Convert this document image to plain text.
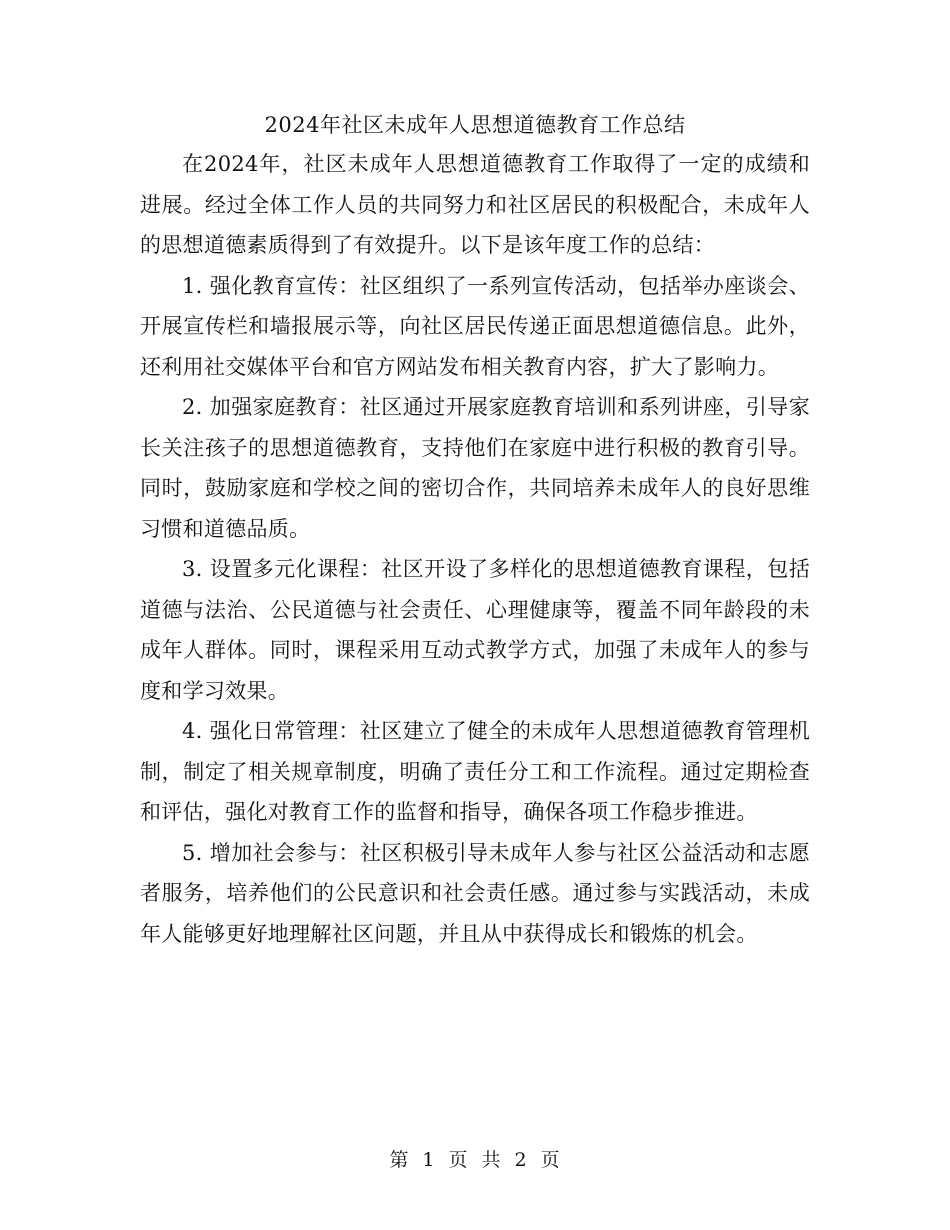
2024年社区未成年人思想道德教育工作总结

在2024年，社区未成年人思想道德教育工作取得了一定的成绩和进展。经过全体工作人员的共同努力和社区居民的积极配合，未成年人的思想道德素质得到了有效提升。以下是该年度工作的总结：

1. 强化教育宣传：社区组织了一系列宣传活动，包括举办座谈会、开展宣传栏和墙报展示等，向社区居民传递正面思想道德信息。此外，还利用社交媒体平台和官方网站发布相关教育内容，扩大了影响力。

2. 加强家庭教育：社区通过开展家庭教育培训和系列讲座，引导家长关注孩子的思想道德教育，支持他们在家庭中进行积极的教育引导。同时，鼓励家庭和学校之间的密切合作，共同培养未成年人的良好思维习惯和道德品质。

3. 设置多元化课程：社区开设了多样化的思想道德教育课程，包括道德与法治、公民道德与社会责任、心理健康等，覆盖不同年龄段的未成年人群体。同时，课程采用互动式教学方式，加强了未成年人的参与度和学习效果。

4. 强化日常管理：社区建立了健全的未成年人思想道德教育管理机制，制定了相关规章制度，明确了责任分工和工作流程。通过定期检查和评估，强化对教育工作的监督和指导，确保各项工作稳步推进。

5. 增加社会参与：社区积极引导未成年人参与社区公益活动和志愿者服务，培养他们的公民意识和社会责任感。通过参与实践活动，未成年人能够更好地理解社区问题，并且从中获得成长和锻炼的机会。

第 1 页 共 2 页
